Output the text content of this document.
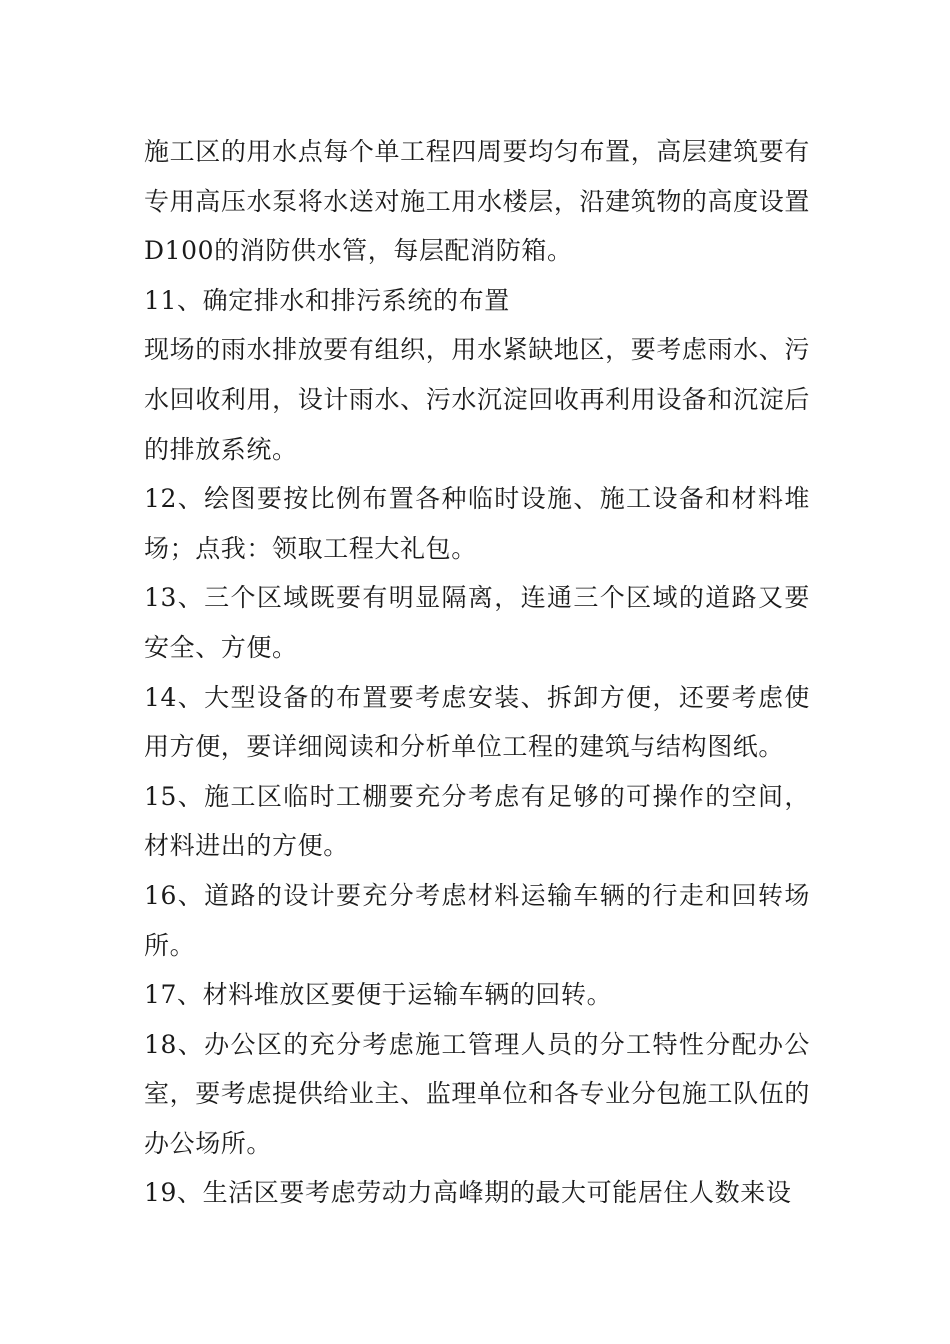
施工区的用水点每个单工程四周要均匀布置，高层建筑要有专用高压水泵将水送对施工用水楼层，沿建筑物的高度设置D100的消防供水管，每层配消防箱。

11、确定排水和排污系统的布置

现场的雨水排放要有组织，用水紧缺地区，要考虑雨水、污水回收利用，设计雨水、污水沉淀回收再利用设备和沉淀后的排放系统。

12、绘图要按比例布置各种临时设施、施工设备和材料堆场；点我：领取工程大礼包。

13、三个区域既要有明显隔离，连通三个区域的道路又要安全、方便。

14、大型设备的布置要考虑安装、拆卸方便，还要考虑使用方便，要详细阅读和分析单位工程的建筑与结构图纸。

15、施工区临时工棚要充分考虑有足够的可操作的空间，材料进出的方便。

16、道路的设计要充分考虑材料运输车辆的行走和回转场所。

17、材料堆放区要便于运输车辆的回转。

18、办公区的充分考虑施工管理人员的分工特性分配办公室，要考虑提供给业主、监理单位和各专业分包施工队伍的办公场所。

19、生活区要考虑劳动力高峰期的最大可能居住人数来设
